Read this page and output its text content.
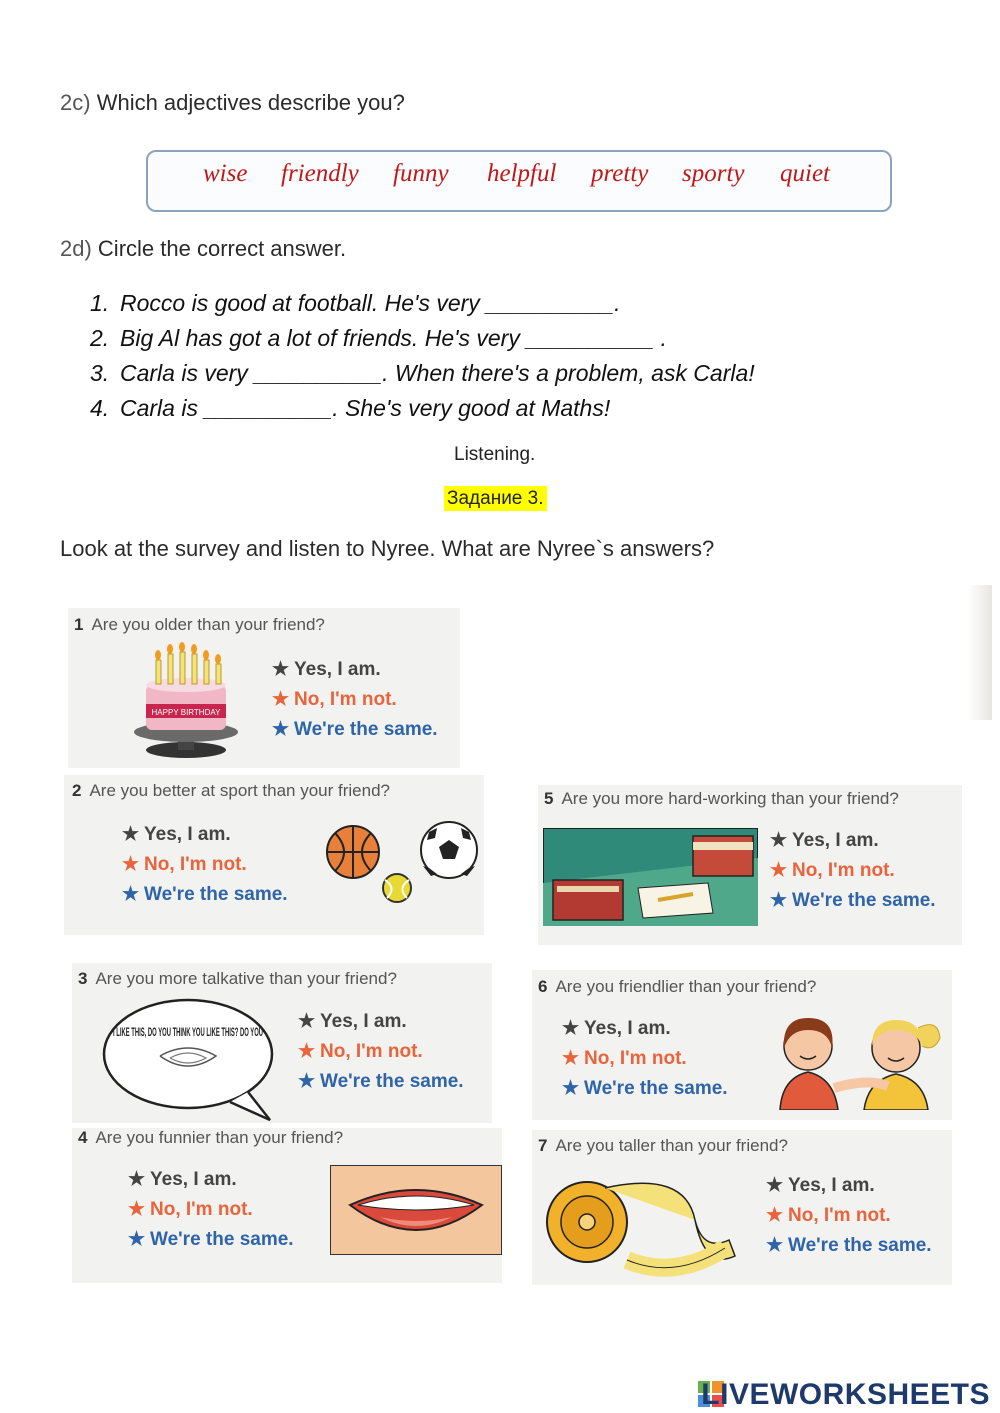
2c) Which adjectives describe you?
wise friendly funny helpful pretty sporty quiet
2d) Circle the correct answer.
1. Rocco is good at football. He's very __________.
2. Big Al has got a lot of friends. He's very __________ .
3. Carla is very __________. When there's a problem, ask Carla!
4. Carla is __________. She's very good at Maths!
Listening.
Задание 3.
Look at the survey and listen to Nyree. What are Nyree`s answers?
1 Are you older than your friend?
HAPPY BIRTHDAY
★ Yes, I am.
★ No, I'm not.
★ We're the same.
2 Are you better at sport than your friend?
★ Yes, I am.
★ No, I'm not.
★ We're the same.
5 Are you more hard-working than your friend?
★ Yes, I am.
★ No, I'm not.
★ We're the same.
3 Are you more talkative than your friend?
I LIKE THIS, DO YOU THINK YOU LIKE THIS? DO YOU ★ Yes, I am.
★ No, I'm not.
★ We're the same.
6 Are you friendlier than your friend?
★ Yes, I am.
★ No, I'm not.
★ We're the same.
4 Are you funnier than your friend?
★ Yes, I am.
★ No, I'm not.
★ We're the same.
7 Are you taller than your friend?
★ Yes, I am.
★ No, I'm not.
★ We're the same.
LIVEWORKSHEETS
